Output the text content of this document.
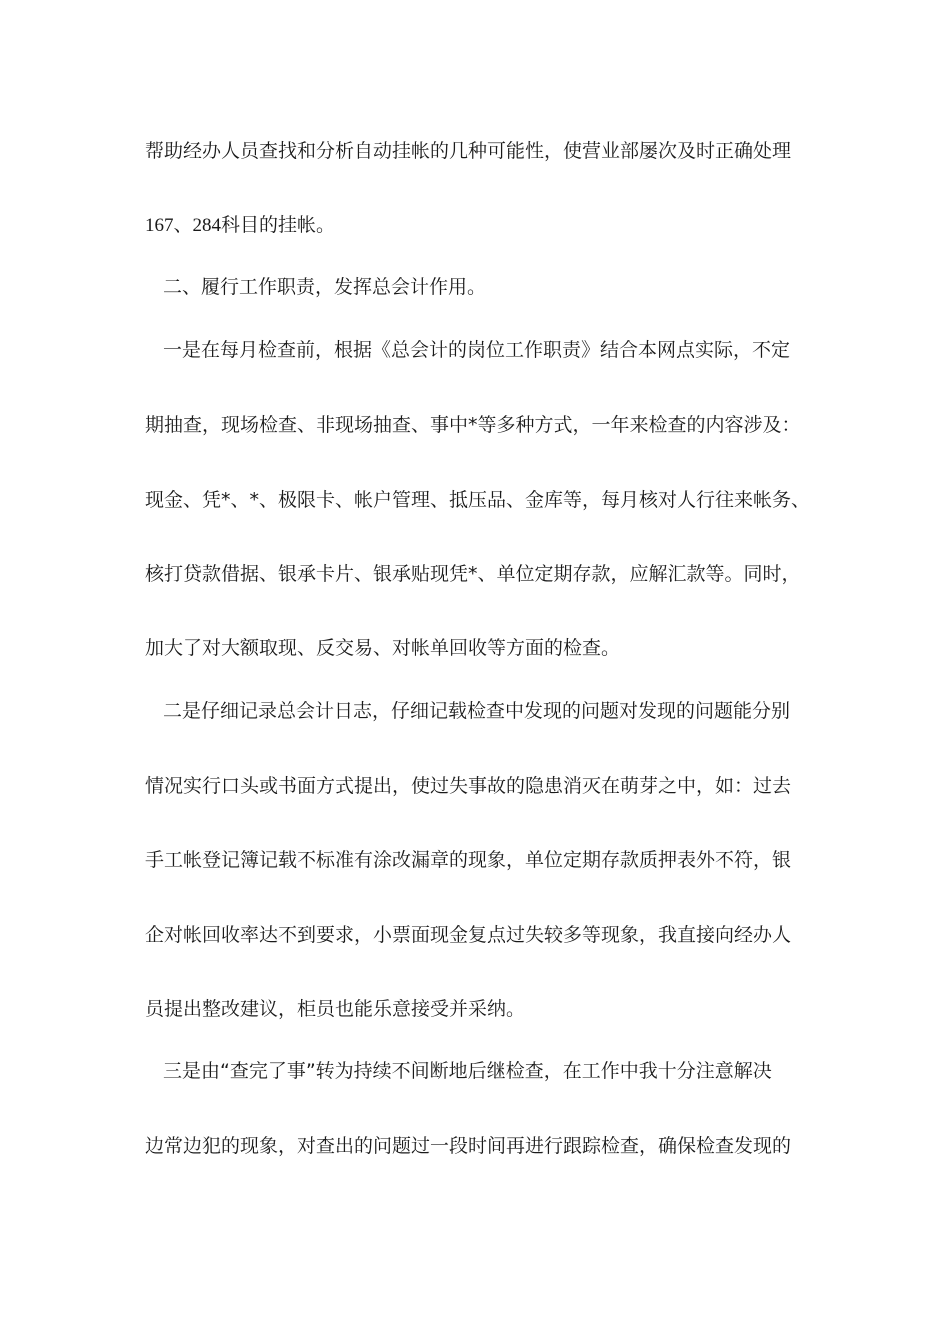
帮助经办人员查找和分析自动挂帐的几种可能性，使营业部屡次及时正确处理
167、284科目的挂帐。
二、履行工作职责，发挥总会计作用。
一是在每月检查前，根据《总会计的岗位工作职责》结合本网点实际，不定
期抽查，现场检查、非现场抽查、事中*等多种方式，一年来检查的内容涉及：
现金、凭*、*、极限卡、帐户管理、抵压品、金库等，每月核对人行往来帐务、
核打贷款借据、银承卡片、银承贴现凭*、单位定期存款，应解汇款等。同时，
加大了对大额取现、反交易、对帐单回收等方面的检查。
二是仔细记录总会计日志，仔细记载检查中发现的问题对发现的问题能分别
情况实行口头或书面方式提出，使过失事故的隐患消灭在萌芽之中，如：过去
手工帐登记簿记载不标准有涂改漏章的现象，单位定期存款质押表外不符，银
企对帐回收率达不到要求，小票面现金复点过失较多等现象，我直接向经办人
员提出整改建议，柜员也能乐意接受并采纳。
三是由“查完了事”转为持续不间断地后继检查，在工作中我十分注意解决
边常边犯的现象，对查出的问题过一段时间再进行跟踪检查，确保检查发现的
